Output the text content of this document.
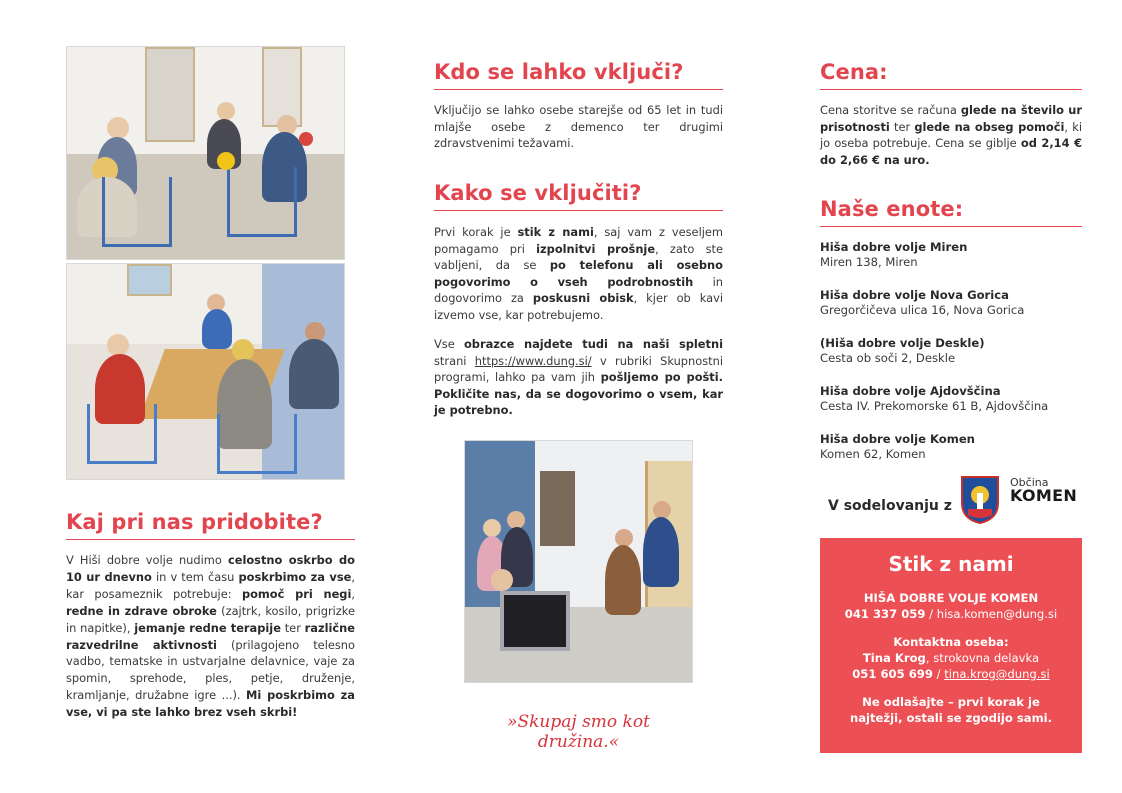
Kaj pri nas pridobite?
V Hiši dobre volje nudimo celostno oskrbo do 10 ur dnevno in v tem času poskrbimo za vse, kar posameznik potrebuje: pomoč pri negi, redne in zdrave obroke (zajtrk, kosilo, prigrizke in napitke), jemanje redne terapije ter različne razvedrilne aktivnosti (prilagojeno telesno vadbo, tematske in ustvarjalne delavnice, vaje za spomin, sprehode, ples, petje, druženje, kramljanje, družabne igre ...). Mi poskrbimo za vse, vi pa ste lahko brez vseh skrbi!
Kdo se lahko vključi?
Vključijo se lahko osebe starejše od 65 let in tudi mlajše osebe z demenco ter drugimi zdravstvenimi težavami.
Kako se vključiti?
Prvi korak je stik z nami, saj vam z veseljem pomagamo pri izpolnitvi prošnje, zato ste vabljeni, da se po telefonu ali osebno pogovorimo o vseh podrobnostih in dogovorimo za poskusni obisk, kjer ob kavi izvemo vse, kar potrebujemo.
Vse obrazce najdete tudi na naši spletni strani https://www.dung.si/ v rubriki Skupnostni programi, lahko pa vam jih pošljemo po pošti. Pokličite nas, da se dogovorimo o vsem, kar je potrebno.
»Skupaj smo kot družina.«
Cena:
Cena storitve se računa glede na število ur prisotnosti ter glede na obseg pomoči, ki jo oseba potrebuje. Cena se giblje od 2,14 € do 2,66 € na uro.
Naše enote:
Hiša dobre volje Miren
Miren 138, Miren
Hiša dobre volje Nova Gorica
Gregorčičeva ulica 16, Nova Gorica
(Hiša dobre volje Deskle)
Cesta ob soči 2, Deskle
Hiša dobre volje Ajdovščina
Cesta IV. Prekomorske 61 B, Ajdovščina
Hiša dobre volje Komen
Komen 62, Komen
V sodelovanju z
Občina
KOMEN
Stik z nami
HIŠA DOBRE VOLJE KOMEN
041 337 059 / hisa.komen@dung.si
Kontaktna oseba:
Tina Krog, strokovna delavka
051 605 699 / tina.krog@dung.si
Ne odlašajte – prvi korak je najtežji, ostali se zgodijo sami.
